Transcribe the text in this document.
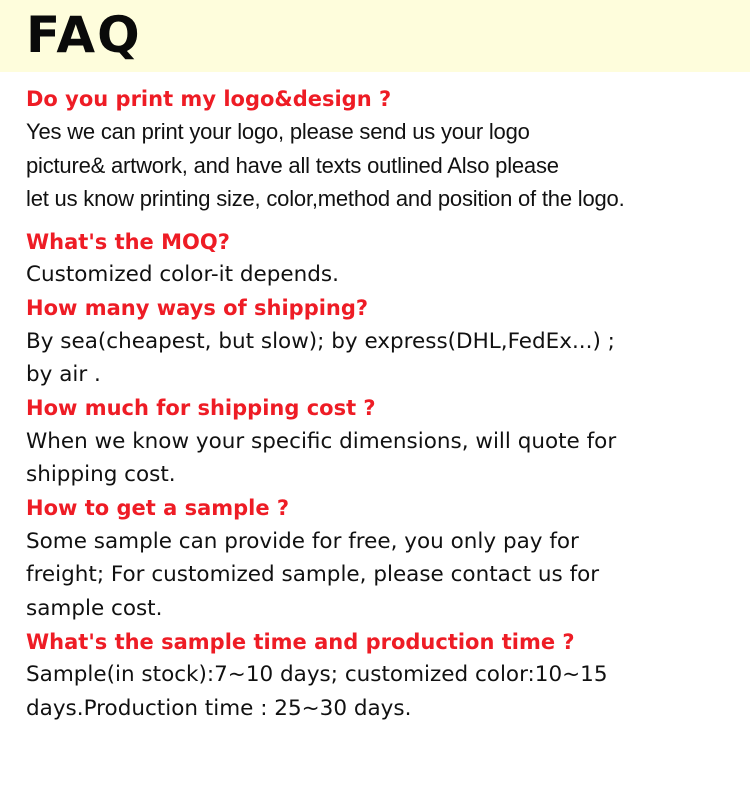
FAQ
Do you print my logo&design ?
Yes we can print your logo, please send us your logo
picture& artwork, and have all texts outlined Also please
let us know printing size, color,method and position of the logo.
What's the MOQ?
Customized color-it depends.
How many ways of shipping?
By sea(cheapest, but slow); by express(DHL,FedEx...) ;
by air .
How much for shipping cost ?
When we know your specific dimensions, will quote for
shipping cost.
How to get a sample ?
Some sample can provide for free, you only pay for
freight; For customized sample, please contact us for
sample cost.
What's the sample time and production time ?
Sample(in stock):7~10 days; customized color:10~15
days.Production time : 25~30 days.
